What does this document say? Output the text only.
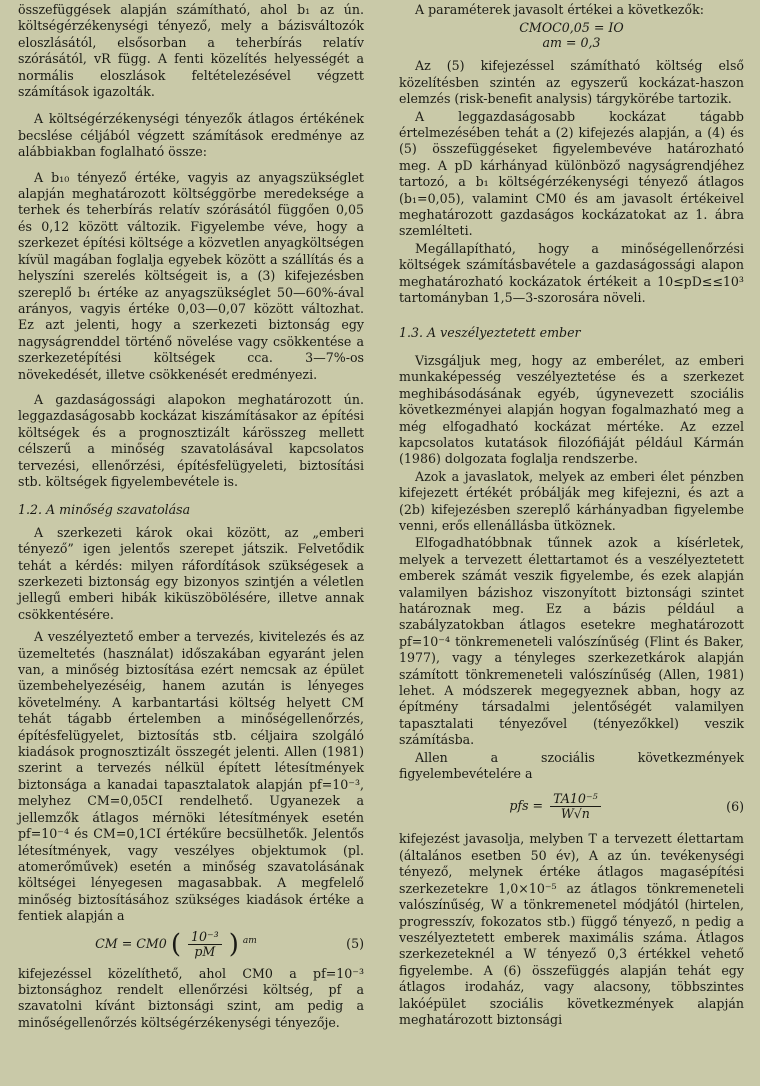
összefüggések alapján számítható, ahol b₁ az ún. költségérzékenységi tényező, mely a bázisváltozók eloszlásától, elsősorban a teherbírás relatív szórásától, vR függ. A fenti közelítés helyességét a normális eloszlások feltételezésével végzett számítások igazolták.

A költségérzékenységi tényezők átlagos értékének becslése céljából végzett számítások eredménye az alábbiakban foglalható össze:

A b₁₀ tényező értéke, vagyis az anyagszükséglet alapján meghatározott költséggörbe meredeksége a terhek és teherbírás relatív szórásától függően 0,05 és 0,12 között változik. Figyelembe véve, hogy a szerkezet építési költsége a közvetlen anyagköltségen kívül magában foglalja egyebek között a szállítás és a helyszíni szerelés költségeit is, a (3) kifejezésben szereplő b₁ értéke az anyagszükséglet 50—60%-ával arányos, vagyis értéke 0,03—0,07 között változhat. Ez azt jelenti, hogy a szerkezeti biztonság egy nagyságrenddel történő növelése vagy csökkentése a szerkezetépítési költségek cca. 3—7%-os növekedését, illetve csökkenését eredményezi.

A gazdaságossági alapokon meghatározott ún. leggazdaságosabb kockázat kiszámításakor az építési költségek és a prognosztizált kárösszeg mellett célszerű a minőség szavatolásával kapcsolatos tervezési, ellenőrzési, építésfelügyeleti, biztosítási stb. költségek figyelembevétele is.

1.2. A minőség szavatolása

A szerkezeti károk okai között, az „emberi tényező” igen jelentős szerepet játszik. Felvetődik tehát a kérdés: milyen ráfordítások szükségesek a szerkezeti biztonság egy bizonyos szintjén a véletlen jellegű emberi hibák kiküszöbölésére, illetve annak csökkentésére.

A veszélyeztető ember a tervezés, kivitelezés és az üzemeltetés (használat) időszakában egyaránt jelen van, a minőség biztosítása ezért nemcsak az épület üzembehelyezéséig, hanem azután is lényeges követelmény. A karbantartási költség helyett CM tehát tágabb értelemben a minőségellenőrzés, építésfelügyelet, biztosítás stb. céljaira szolgáló kiadások prognosztizált összegét jelenti. Allen (1981) szerint a tervezés nélkül épített létesítmények biztonsága a kanadai tapasztalatok alapján pf=10⁻³, melyhez CM=0,05CI rendelhető. Ugyanezek a jellemzők átlagos mérnöki létesítmények esetén pf=10⁻⁴ és CM=0,1CI értékűre becsülhetők. Jelentős létesítmények, vagy veszélyes objektumok (pl. atomerőművek) esetén a minőség szavatolásának költségei lényegesen magasabbak. A megfelelő minőség biztosításához szükséges kiadások értéke a fentiek alapján a

CM = CM0 ( $\frac{\text{10⁻³}}{pM}$ ) $^{am}$	(5)

kifejezéssel közelíthető, ahol CM0 a pf=10⁻³ biztonsághoz rendelt ellenőrzési költség, pf a szavatolni kívánt biztonsági szint, am pedig a minőségellenőrzés költségérzékenységi tényezője.

A paraméterek javasolt értékei a következők:

CMOC0,05 = IO
am = 0,3

Az (5) kifejezéssel számítható költség első közelítésben szintén az egyszerű kockázat-haszon elemzés (risk-benefit analysis) tárgykörébe tartozik.

A leggazdaságosabb kockázat tágabb értelmezésében tehát a (2) kifejezés alapján, a (4) és (5) összefüggéseket figyelembevéve határozható meg. A pD kárhányad különböző nagyságrendjéhez tartozó, a b₁ költségérzékenységi tényező átlagos (b₁=0,05), valamint CM0 és am javasolt értékeivel meghatározott gazdaságos kockázatokat az 1. ábra szemlélteti.

Megállapítható, hogy a minőségellenőrzési költségek számításbavétele a gazdaságossági alapon meghatározható kockázatok értékeit a 10≤pD≤≤10³ tartományban 1,5—3-szorosára növeli.

1.3. A veszélyeztetett ember

Vizsgáljuk meg, hogy az emberélet, az emberi munkaképesség veszélyeztetése és a szerkezet meghibásodásának egyéb, úgynevezett szociális következményei alapján hogyan fogalmazható meg a még elfogadható kockázat mértéke. Az ezzel kapcsolatos kutatások filozófiáját például Kármán (1986) dolgozata foglalja rendszerbe.

Azok a javaslatok, melyek az emberi élet pénzben kifejezett értékét próbálják meg kifejezni, és azt a (2b) kifejezésben szereplő kárhányadban figyelembe venni, erős ellenállásba ütköznek.

Elfogadhatóbbnak tűnnek azok a kísérletek, melyek a tervezett élettartamot és a veszélyeztetett emberek számát veszik figyelembe, és ezek alapján valamilyen bázishoz viszonyított biztonsági szintet határoznak meg. Ez a bázis például a szabályzatokban átlagos esetekre meghatározott pf=10⁻⁴ tönkremeneteli valószínűség (Flint és Baker, 1977), vagy a tényleges szerkezetkárok alapján számított tönkremeneteli valószínűség (Allen, 1981) lehet. A módszerek megegyeznek abban, hogy az építmény társadalmi jelentőségét valamilyen tapasztalati tényezővel (tényezőkkel) veszik számításba.

Allen a szociális következmények figyelembevételére a

pfs = $\frac{\text{TA10⁻⁵}}{W√n}$	(6)

kifejezést javasolja, melyben T a tervezett élettartam (általános esetben 50 év), A az ún. tevékenységi tényező, melynek értéke átlagos magasépítési szerkezetekre 1,0×10⁻⁵ az átlagos tönkremeneteli valószínűség, W a tönkremenetel módjától (hirtelen, progresszív, fokozatos stb.) függő tényező, n pedig a veszélyeztetett emberek maximális száma. Átlagos szerkezeteknél a W tényező 0,3 értékkel vehető figyelembe. A (6) összefüggés alapján tehát egy átlagos irodaház, vagy alacsony, többszintes lakóépület szociális következmények alapján meghatározott biztonsági
